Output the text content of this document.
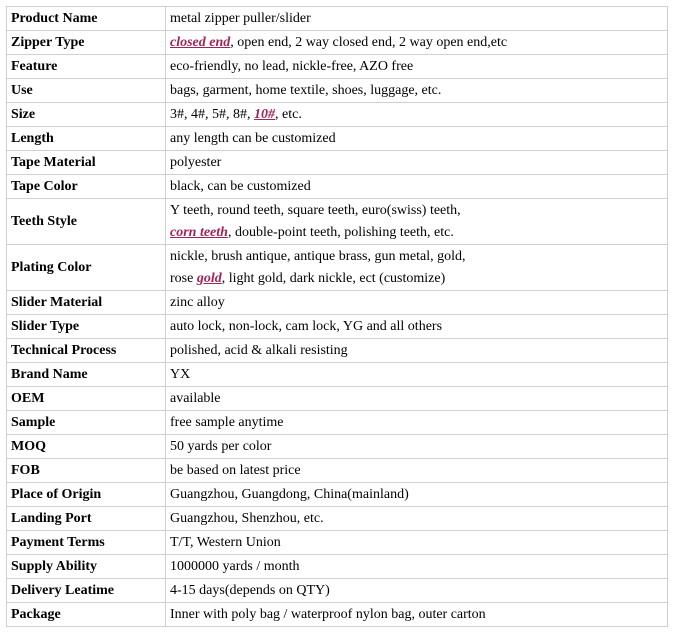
Product Name	metal zipper puller/slider
Zipper Type	closed end, open end, 2 way closed end, 2 way open end,etc
Feature	eco-friendly, no lead, nickle-free, AZO free
Use	bags, garment, home textile, shoes, luggage, etc.
Size	3#, 4#, 5#, 8#, 10#, etc.
Length	any length can be customized
Tape Material	polyester
Tape Color	black, can be customized
Teeth Style	Y teeth, round teeth, square teeth, euro(swiss) teeth,
corn teeth, double-point teeth, polishing teeth, etc.

Plating Color	nickle, brush antique, antique brass, gun metal, gold,
rose gold, light gold, dark nickle, ect (customize)

Slider Material	zinc alloy
Slider Type	auto lock, non-lock, cam lock, YG and all others
Technical Process	polished, acid & alkali resisting
Brand Name	YX
OEM	available
Sample	free sample anytime
MOQ	50 yards per color
FOB	be based on latest price
Place of Origin	Guangzhou, Guangdong, China(mainland)
Landing Port	Guangzhou, Shenzhou, etc.
Payment Terms	T/T, Western Union
Supply Ability	1000000 yards / month
Delivery Leatime	4-15 days(depends on QTY)
Package	Inner with poly bag / waterproof nylon bag, outer carton
